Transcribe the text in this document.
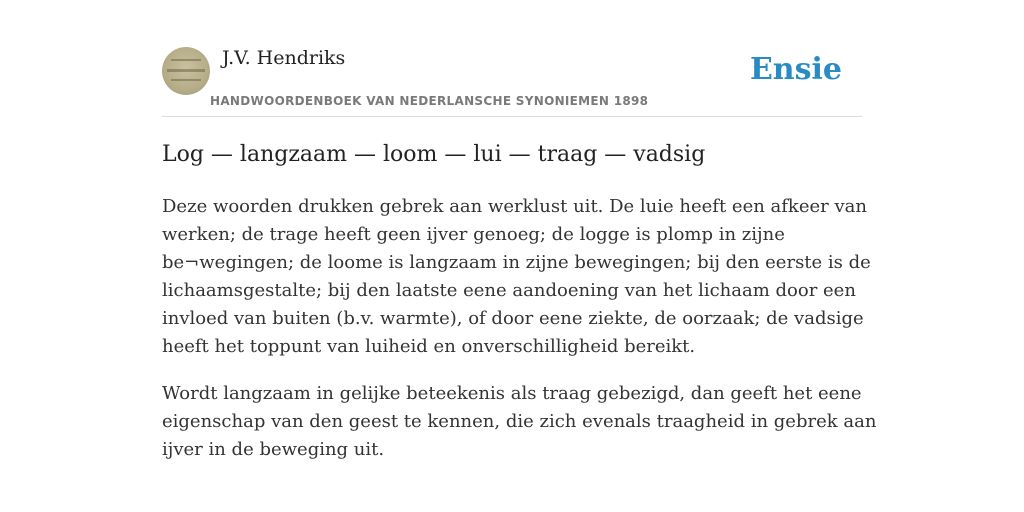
J.V. Hendriks
HANDWOORDENBOEK VAN NEDERLANSCHE SYNONIEMEN 1898
Ensie
Log — langzaam — loom — lui — traag — vadsig

Deze woorden drukken gebrek aan werklust uit. De luie heeft een afkeer van
werken; de trage heeft geen ijver genoeg; de logge is plomp in zijne
be¬wegingen; de loome is langzaam in zijne bewegingen; bij den eerste is de
lichaamsgestalte; bij den laatste eene aandoening van het lichaam door een
invloed van buiten (b.v. warmte), of door eene ziekte, de oorzaak; de vadsige
heeft het toppunt van luiheid en onverschilligheid bereikt.

Wordt langzaam in gelijke beteekenis als traag gebezigd, dan geeft het eene
eigenschap van den geest te kennen, die zich evenals traagheid in gebrek aan
ijver in de beweging uit.
